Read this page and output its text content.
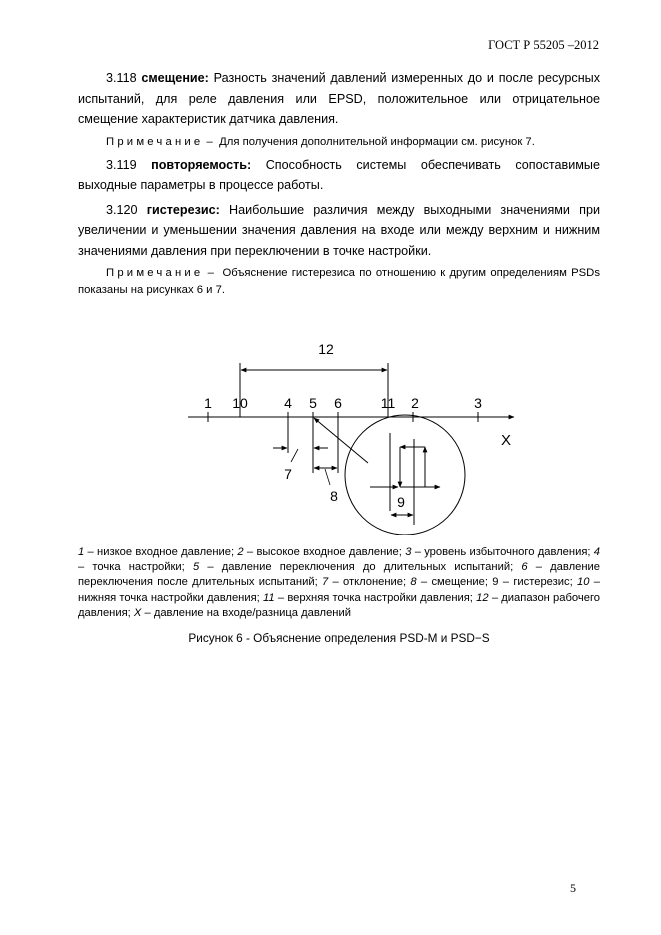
ГОСТ Р 55205 –2012

3.118 смещение: Разность значений давлений измеренных до и после ресурсных испытаний, для реле давления или EPSD, положительное или отрицательное смещение характеристик датчика давления.

Примечание – Для получения дополнительной информации см. рисунок 7.

3.119 повторяемость: Способность системы обеспечивать сопоставимые выходные параметры в процессе работы.

3.120 гистерезис: Наибольшие различия между выходными значениями при увеличении и уменьшении значения давления на входе или между верхним и нижним значениями давления при переключении в точке настройки.

Примечание – Объяснение гистерезиса по отношению к другим определениям PSDs показаны на рисунках 6 и 7.

12
1 10	4 5 6	11 2	3
X
7
8	9
1 – низкое входное давление; 2 – высокое входное давление; 3 – уровень избыточного давления; 4 – точка настройки; 5 – давление переключения до длительных испытаний; 6 – давление переключения после длительных испытаний; 7 – отклонение; 8 – смещение; 9 – гистерезис; 10 – нижняя точка настройки давления; 11 – верхняя точка настройки давления; 12 – диапазон рабочего давления; X – давление на входе/разница давлений
Рисунок 6 - Объяснение определения PSD-M и PSD−S
5
